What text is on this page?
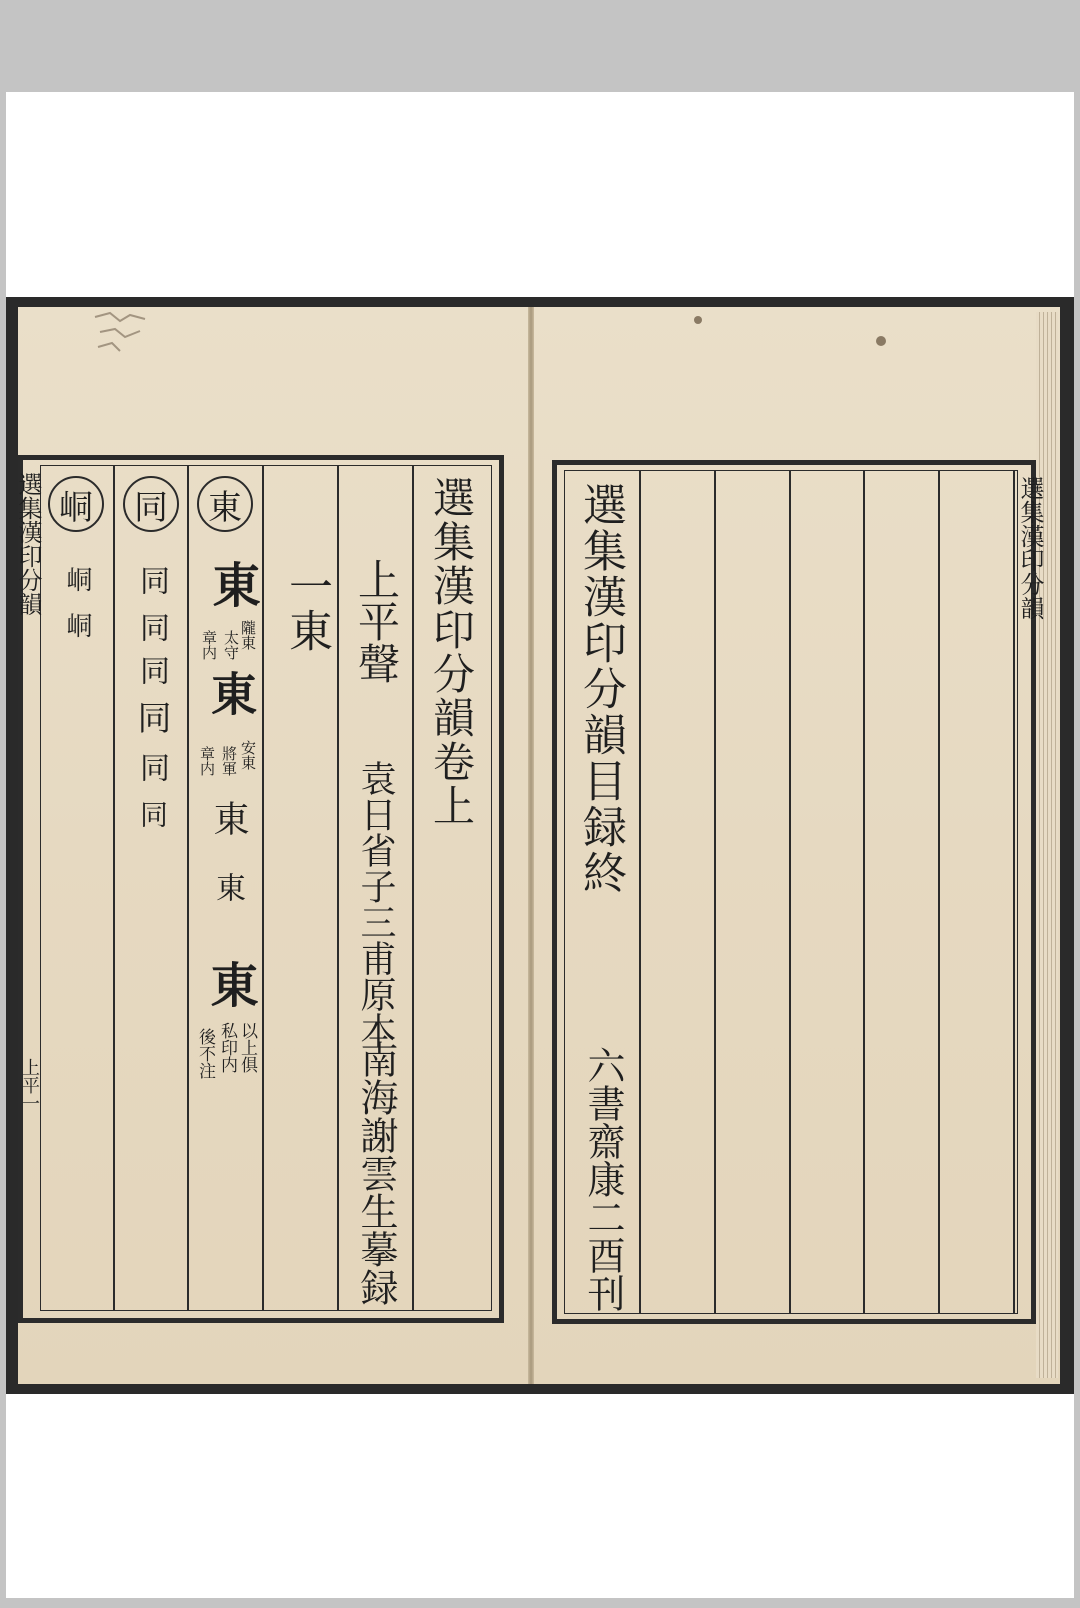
選集漢印分韻卷上
上平聲
袁日省子三甫原本
南海謝雲生摹録
一東
東
東
隴東
太守
章内
東
安東
將軍
章内
東
東
東
以上俱
私印内
後不注
同
同
同
同
同
同
同
峒
峒
峒
選集漢印分韻
上平一
選集漢印分韻目録終
六書齋康二酉刊
選集漢印分韻
